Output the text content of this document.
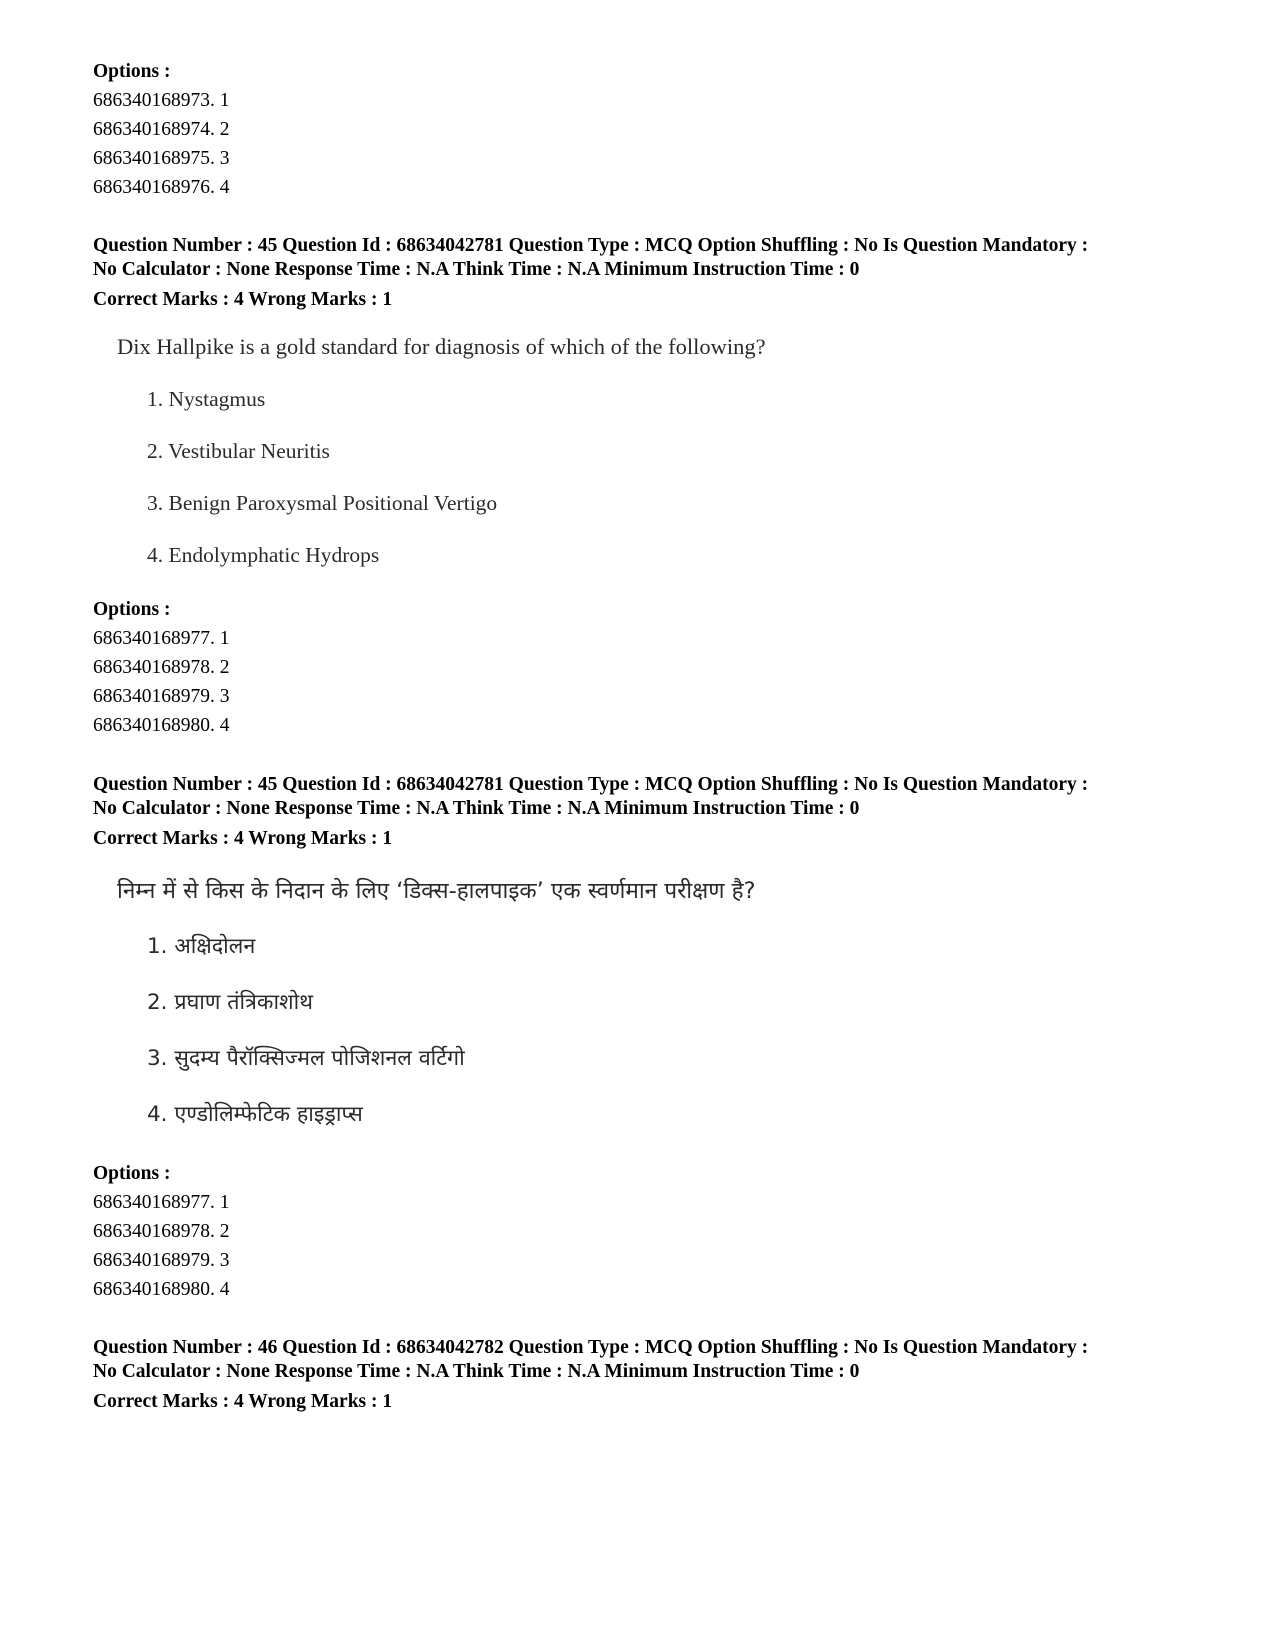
Options :
686340168973. 1
686340168974. 2
686340168975. 3
686340168976. 4
Question Number : 45 Question Id : 68634042781 Question Type : MCQ Option Shuffling : No Is Question Mandatory :
No Calculator : None Response Time : N.A Think Time : N.A Minimum Instruction Time : 0
Correct Marks : 4 Wrong Marks : 1
Dix Hallpike is a gold standard for diagnosis of which of the following?
1. Nystagmus
2. Vestibular Neuritis
3. Benign Paroxysmal Positional Vertigo
4. Endolymphatic Hydrops
Options :
686340168977. 1
686340168978. 2
686340168979. 3
686340168980. 4
Question Number : 45 Question Id : 68634042781 Question Type : MCQ Option Shuffling : No Is Question Mandatory :
No Calculator : None Response Time : N.A Think Time : N.A Minimum Instruction Time : 0
Correct Marks : 4 Wrong Marks : 1
निम्न में से किस के निदान के लिए ‘डिक्स-हालपाइक’ एक स्वर्णमान परीक्षण है?
1. अक्षिदोलन
2. प्रघाण तंत्रिकाशोथ
3. सुदम्य पैरॉक्सिज्मल पोजिशनल वर्टिगो
4. एण्डोलिम्फेटिक हाइड्राप्स
Options :
686340168977. 1
686340168978. 2
686340168979. 3
686340168980. 4
Question Number : 46 Question Id : 68634042782 Question Type : MCQ Option Shuffling : No Is Question Mandatory :
No Calculator : None Response Time : N.A Think Time : N.A Minimum Instruction Time : 0
Correct Marks : 4 Wrong Marks : 1
